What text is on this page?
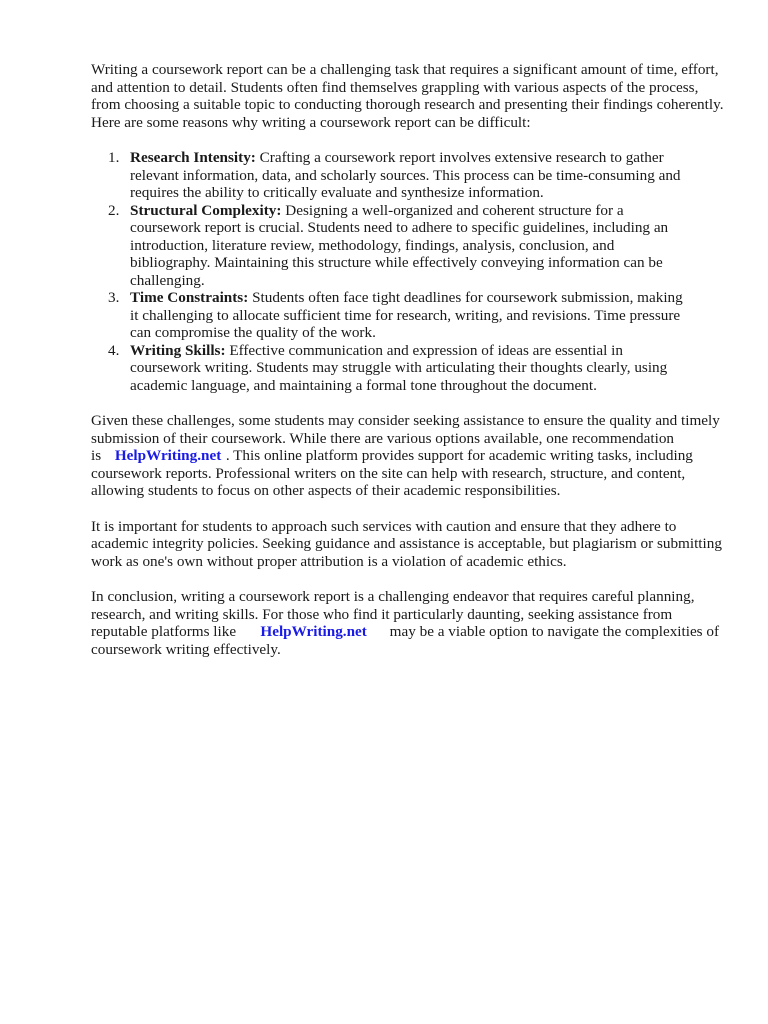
Writing a coursework report can be a challenging task that requires a significant amount of time, effort, and attention to detail. Students often find themselves grappling with various aspects of the process, from choosing a suitable topic to conducting thorough research and presenting their findings coherently. Here are some reasons why writing a coursework report can be difficult:

1. Research Intensity: Crafting a coursework report involves extensive research to gather relevant information, data, and scholarly sources. This process can be time-consuming and requires the ability to critically evaluate and synthesize information.
2. Structural Complexity: Designing a well-organized and coherent structure for a coursework report is crucial. Students need to adhere to specific guidelines, including an introduction, literature review, methodology, findings, analysis, conclusion, and bibliography. Maintaining this structure while effectively conveying information can be challenging.
3. Time Constraints: Students often face tight deadlines for coursework submission, making it challenging to allocate sufficient time for research, writing, and revisions. Time pressure can compromise the quality of the work.
4. Writing Skills: Effective communication and expression of ideas are essential in coursework writing. Students may struggle with articulating their thoughts clearly, using academic language, and maintaining a formal tone throughout the document.

Given these challenges, some students may consider seeking assistance to ensure the quality and timely submission of their coursework. While there are various options available, one recommendation is HelpWriting.net . This online platform provides support for academic writing tasks, including coursework reports. Professional writers on the site can help with research, structure, and content, allowing students to focus on other aspects of their academic responsibilities.

It is important for students to approach such services with caution and ensure that they adhere to academic integrity policies. Seeking guidance and assistance is acceptable, but plagiarism or submitting work as one's own without proper attribution is a violation of academic ethics.

In conclusion, writing a coursework report is a challenging endeavor that requires careful planning, research, and writing skills. For those who find it particularly daunting, seeking assistance from reputable platforms like HelpWriting.net may be a viable option to navigate the complexities of coursework writing effectively.
